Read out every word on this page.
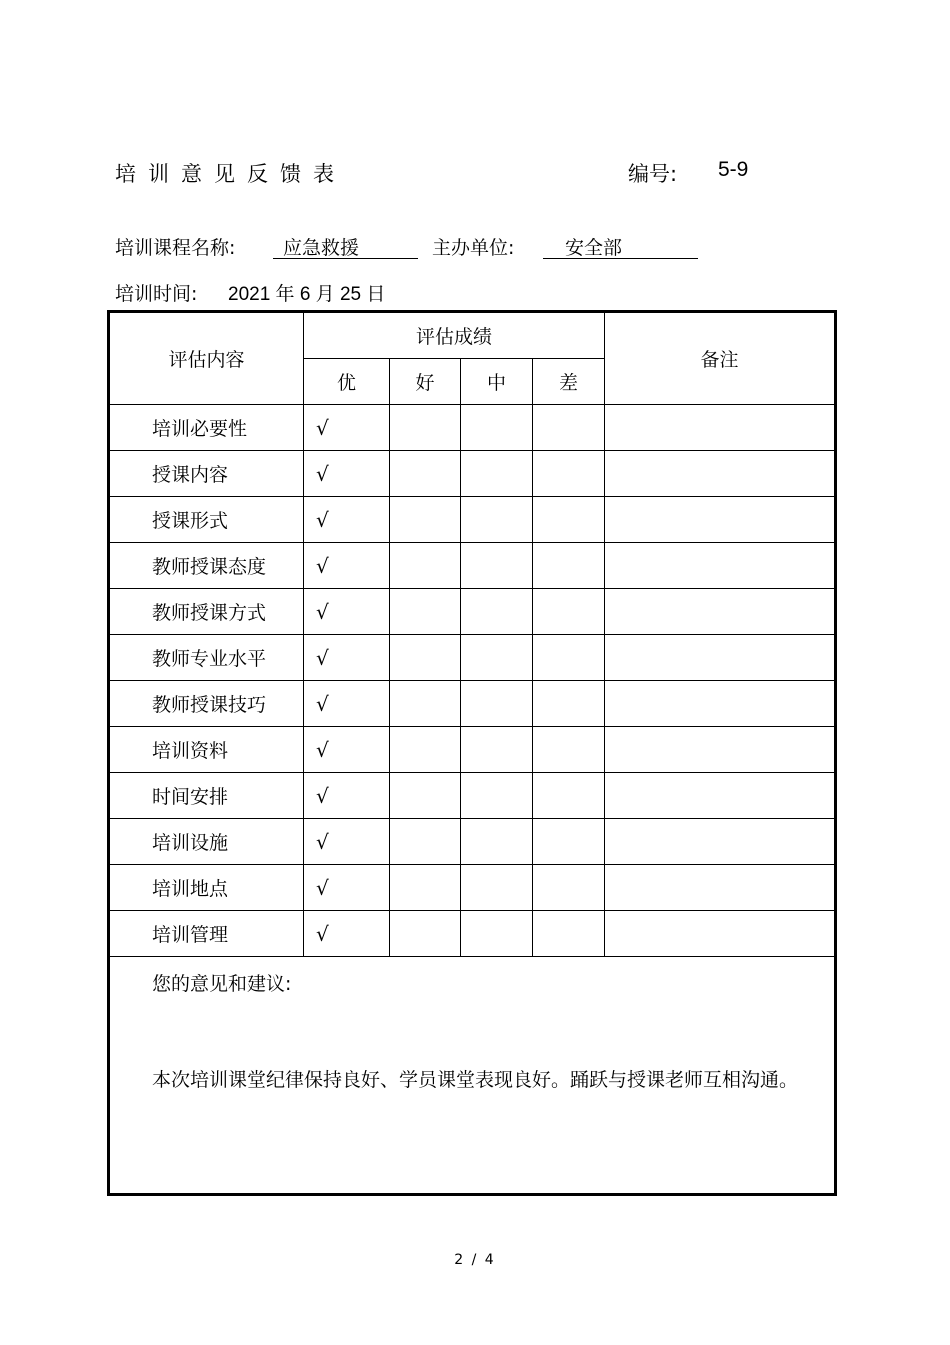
培训意见反馈表	编号: 5-9
培训课程名称:	应急救援	主办单位:	安全部
培训时间: 2021 年 6 月 25 日
评估内容	评估成绩				备注
	优	好	中	差	
培训必要性	√				
授课内容	√				
授课形式	√				
教师授课态度	√				
教师授课方式	√				
教师专业水平	√				
教师授课技巧	√				
培训资料	√				
时间安排	√				
培训设施	√				
培训地点	√				
培训管理	√				

您的意见和建议:
本次培训课堂纪律保持良好、学员课堂表现良好。踊跃与授课老师互相沟通。					
2 / 4
